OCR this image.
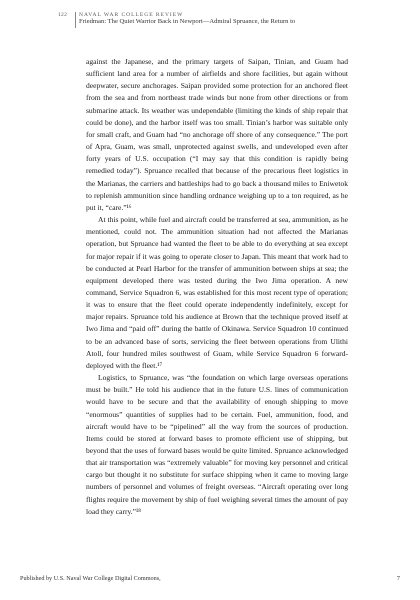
122 NAVAL WAR COLLEGE REVIEW
Friedman: The Quiet Warrior Back in Newport—Admiral Spruance, the Return to

against the Japanese, and the primary targets of Saipan, Tinian, and Guam had sufficient land area for a number of airfields and shore facilities, but again without deepwater, secure anchorages. Saipan provided some protection for an anchored fleet from the sea and from northeast trade winds but none from other directions or from submarine attack. Its weather was undependable (limiting the kinds of ship repair that could be done), and the harbor itself was too small. Tinian’s harbor was suitable only for small craft, and Guam had “no anchorage off shore of any consequence.” The port of Apra, Guam, was small, unprotected against swells, and undeveloped even after forty years of U.S. occupation (“I may say that this condition is rapidly being remedied today”). Spruance recalled that because of the precarious fleet logistics in the Marianas, the carriers and battleships had to go back a thousand miles to Eniwetok to replenish ammunition since handling ordnance weighing up to a ton required, as he put it, “care.”¹⁶

At this point, while fuel and aircraft could be transferred at sea, ammunition, as he mentioned, could not. The ammunition situation had not affected the Marianas operation, but Spruance had wanted the fleet to be able to do everything at sea except for major repair if it was going to operate closer to Japan. This meant that work had to be conducted at Pearl Harbor for the transfer of ammunition between ships at sea; the equipment developed there was tested during the Iwo Jima operation. A new command, Service Squadron 6, was established for this most recent type of operation; it was to ensure that the fleet could operate independently indefinitely, except for major repairs. Spruance told his audience at Brown that the technique proved itself at Iwo Jima and “paid off” during the battle of Okinawa. Service Squadron 10 continued to be an advanced base of sorts, servicing the fleet between operations from Ulithi Atoll, four hundred miles southwest of Guam, while Service Squadron 6 forward-deployed with the fleet.¹⁷

Logistics, to Spruance, was “the foundation on which large overseas operations must be built.” He told his audience that in the future U.S. lines of communication would have to be secure and that the availability of enough shipping to move “enormous” quantities of supplies had to be certain. Fuel, ammunition, food, and aircraft would have to be “pipelined” all the way from the sources of production. Items could be stored at forward bases to promote efficient use of shipping, but beyond that the uses of forward bases would be quite limited. Spruance acknowledged that air transportation was “extremely valuable” for moving key personnel and critical cargo but thought it no substitute for surface shipping when it came to moving large numbers of personnel and volumes of freight overseas. “Aircraft operating over long flights require the movement by ship of fuel weighing several times the amount of pay load they carry.”¹⁸

Published by U.S. Naval War College Digital Commons,	7
